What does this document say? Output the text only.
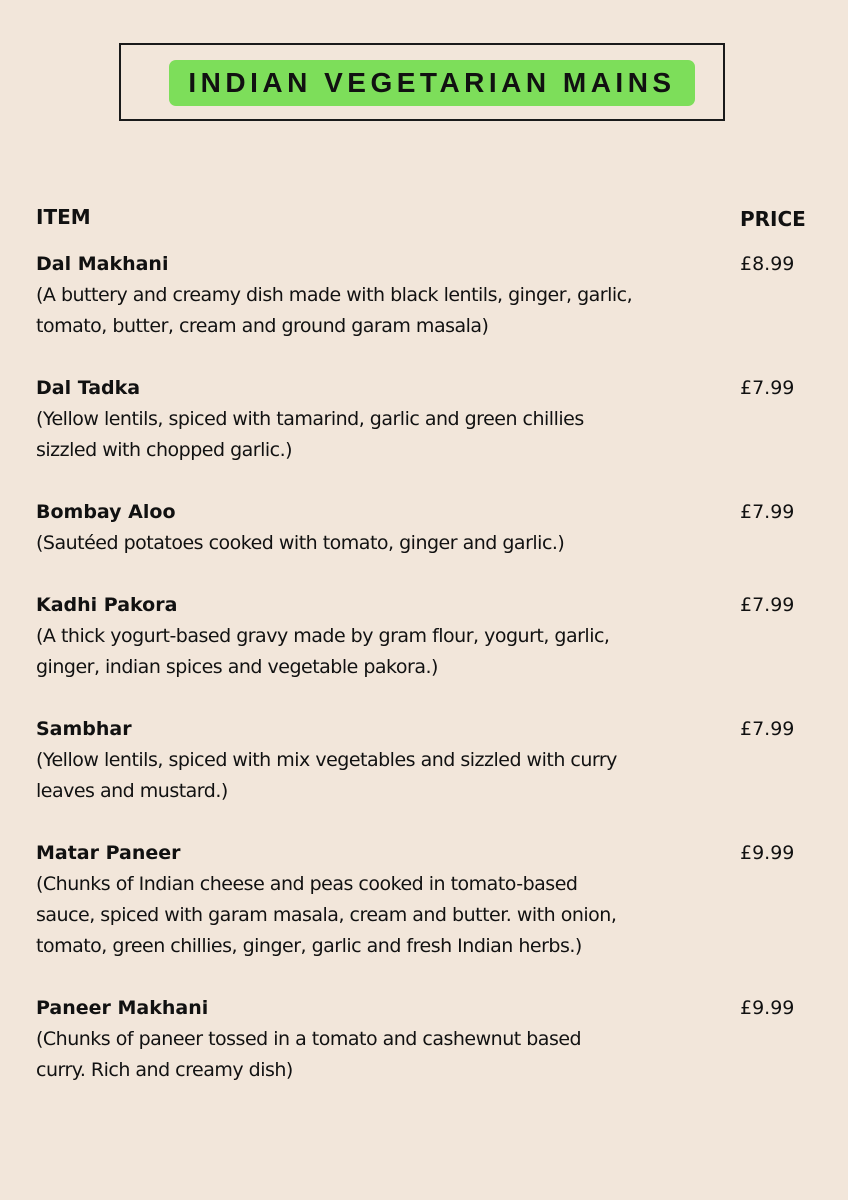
INDIAN VEGETARIAN MAINS
ITEM	PRICE
Dal Makhani
(A buttery and creamy dish made with black lentils, ginger, garlic,
tomato, butter, cream and ground garam masala)
£8.99
Dal Tadka
(Yellow lentils, spiced with tamarind, garlic and green chillies
sizzled with chopped garlic.)
£7.99
Bombay Aloo
(Sautéed potatoes cooked with tomato, ginger and garlic.)
£7.99
Kadhi Pakora
(A thick yogurt-based gravy made by gram flour, yogurt, garlic,
ginger, indian spices and vegetable pakora.)
£7.99
Sambhar
(Yellow lentils, spiced with mix vegetables and sizzled with curry
leaves and mustard.)
£7.99
Matar Paneer
(Chunks of Indian cheese and peas cooked in tomato-based
sauce, spiced with garam masala, cream and butter. with onion,
tomato, green chillies, ginger, garlic and fresh Indian herbs.)
£9.99
Paneer Makhani
(Chunks of paneer tossed in a tomato and cashewnut based
curry. Rich and creamy dish)
£9.99
